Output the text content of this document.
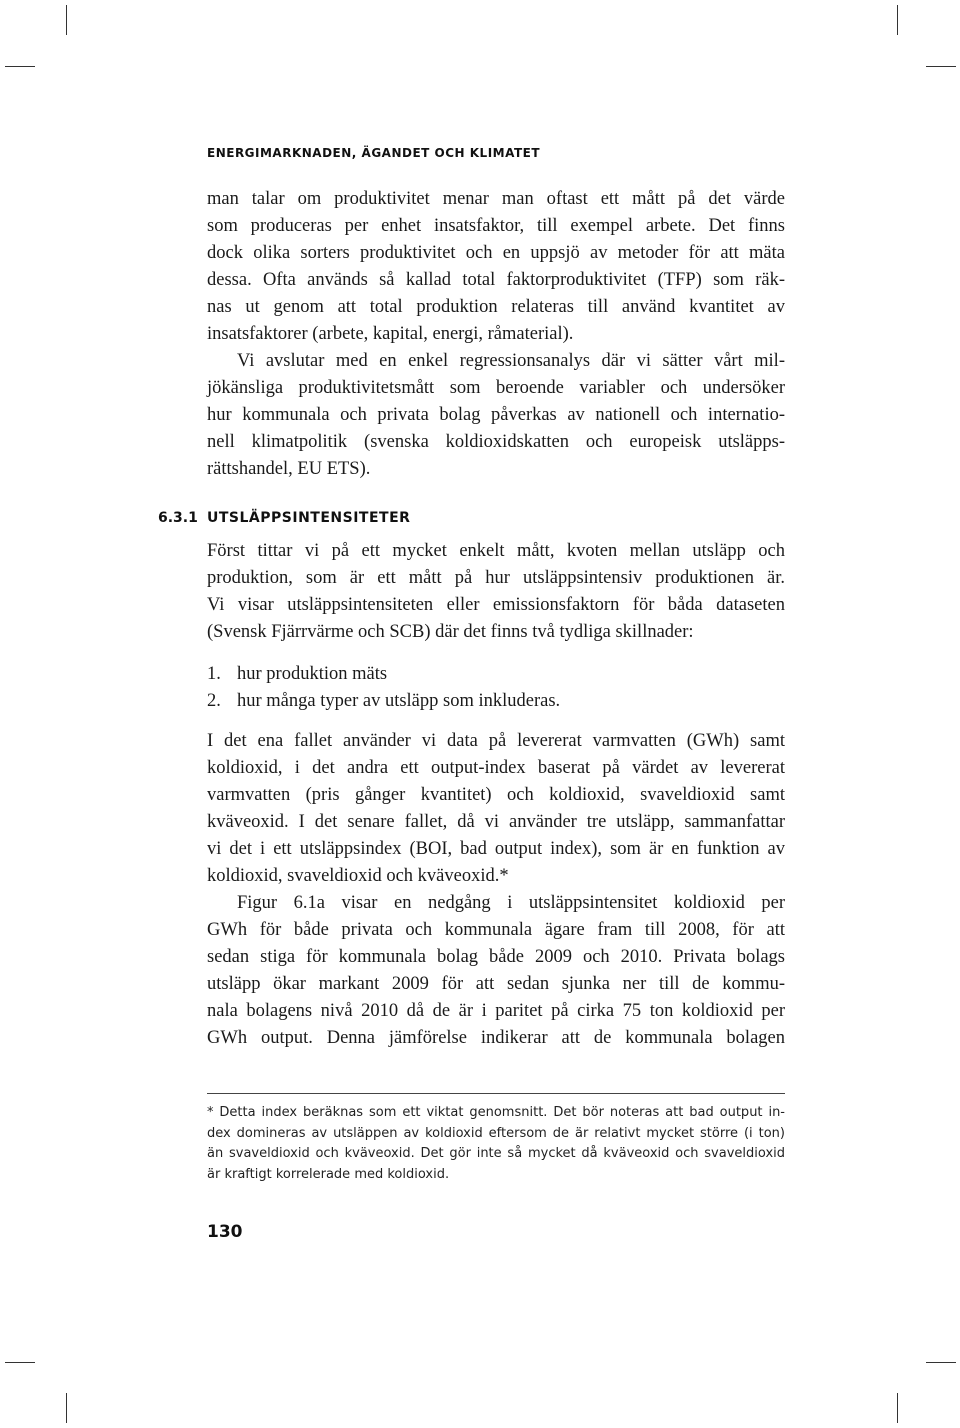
ENERGIMARKNADEN, ÄGANDET OCH KLIMATET
man talar om produktivitet menar man oftast ett mått på det värde
som produceras per enhet insatsfaktor, till exempel arbete. Det finns
dock olika sorters produktivitet och en uppsjö av metoder för att mäta
dessa. Ofta används så kallad total faktorproduktivitet (TFP) som räk-
nas ut genom att total produktion relateras till använd kvantitet av
insatsfaktorer (arbete, kapital, energi, råmaterial).
Vi avslutar med en enkel regressionsanalys där vi sätter vårt mil-
jökänsliga produktivitetsmått som beroende variabler och undersöker
hur kommunala och privata bolag påverkas av nationell och internatio-
nell klimatpolitik (svenska koldioxidskatten och europeisk utsläpps-
rättshandel, EU ETS).
6.3.1 UTSLÄPPSINTENSITETER
Först tittar vi på ett mycket enkelt mått, kvoten mellan utsläpp och
produktion, som är ett mått på hur utsläppsintensiv produktionen är.
Vi visar utsläppsintensiteten eller emissionsfaktorn för båda dataseten
(Svensk Fjärrvärme och SCB) där det finns två tydliga skillnader:
1. hur produktion mäts
2. hur många typer av utsläpp som inkluderas.
I det ena fallet använder vi data på levererat varmvatten (GWh) samt
koldioxid, i det andra ett output-index baserat på värdet av levererat
varmvatten (pris gånger kvantitet) och koldioxid, svaveldioxid samt
kväveoxid. I det senare fallet, då vi använder tre utsläpp, sammanfattar
vi det i ett utsläppsindex (BOI, bad output index), som är en funktion av
koldioxid, svaveldioxid och kväveoxid.*
Figur 6.1a visar en nedgång i utsläppsintensitet koldioxid per
GWh för både privata och kommunala ägare fram till 2008, för att
sedan stiga för kommunala bolag både 2009 och 2010. Privata bolags
utsläpp ökar markant 2009 för att sedan sjunka ner till de kommu-
nala bolagens nivå 2010 då de är i paritet på cirka 75 ton koldioxid per
GWh output. Denna jämförelse indikerar att de kommunala bolagen
* Detta index beräknas som ett viktat genomsnitt. Det bör noteras att bad output in-
dex domineras av utsläppen av koldioxid eftersom de är relativt mycket större (i ton)
än svaveldioxid och kväveoxid. Det gör inte så mycket då kväveoxid och svaveldioxid
är kraftigt korrelerade med koldioxid.
130
